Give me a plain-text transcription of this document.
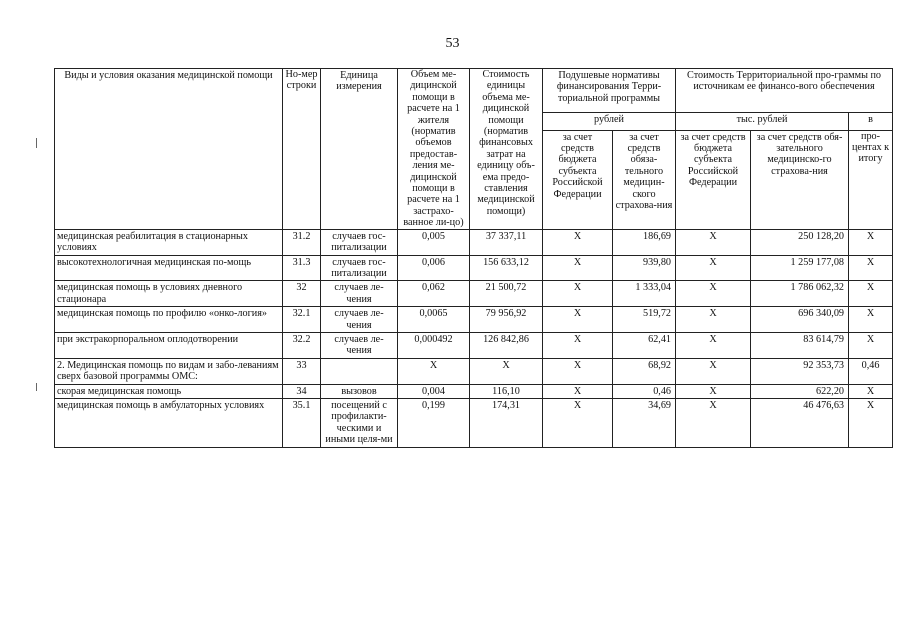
53
Виды и условия оказания медицинской помощи	Но-мер строки	Единица измерения	Объем ме-дицинской помощи в расчете на 1 жителя (норматив объемов предостав-ления ме-дицинской помощи в расчете на 1 застрахо-ванное ли-цо)	Стоимость единицы объема ме-дицинской помощи (норматив финансовых затрат на единицу объ-ема предо-ставления медицинской помощи)	Подушевые нормативы финансирования Терри-ториальной программы		Стоимость Территориальной про-граммы по источникам ее финансо-вого обеспечения		
					рублей		тыс. рублей		в
					за счет средств бюджета субъекта Российской Федерации	за счет средств обяза-тельного медицин-ского страхова-ния	за счет средств бюджета субъекта Российской Федерации	за счет средств обя-зательного медицинско-го страхова-ния	про-центах к итогу
медицинская реабилитация в стационарных условиях	31.2	случаев гос-питализации	0,005	37 337,11	X	186,69	X	250 128,20	X
высокотехнологичная медицинская по-мощь	31.3	случаев гос-питализации	0,006	156 633,12	X	939,80	X	1 259 177,08	X
медицинская помощь в условиях дневного стационара	32	случаев ле-чения	0,062	21 500,72	X	1 333,04	X	1 786 062,32	X
медицинская помощь по профилю «онко-логия»	32.1	случаев ле-чения	0,0065	79 956,92	X	519,72	X	696 340,09	X
при экстракорпоральном оплодотворении	32.2	случаев ле-чения	0,000492	126 842,86	X	62,41	X	83 614,79	X
2. Медицинская помощь по видам и забо-леваниям сверх базовой программы ОМС:	33		X	X	X	68,92	X	92 353,73	0,46
скорая медицинская помощь	34	вызовов	0,004	116,10	X	0,46	X	622,20	X
медицинская помощь в амбулаторных условиях	35.1	посещений с профилакти-ческими и иными целя-ми	0,199	174,31	X	34,69	X	46 476,63	X
